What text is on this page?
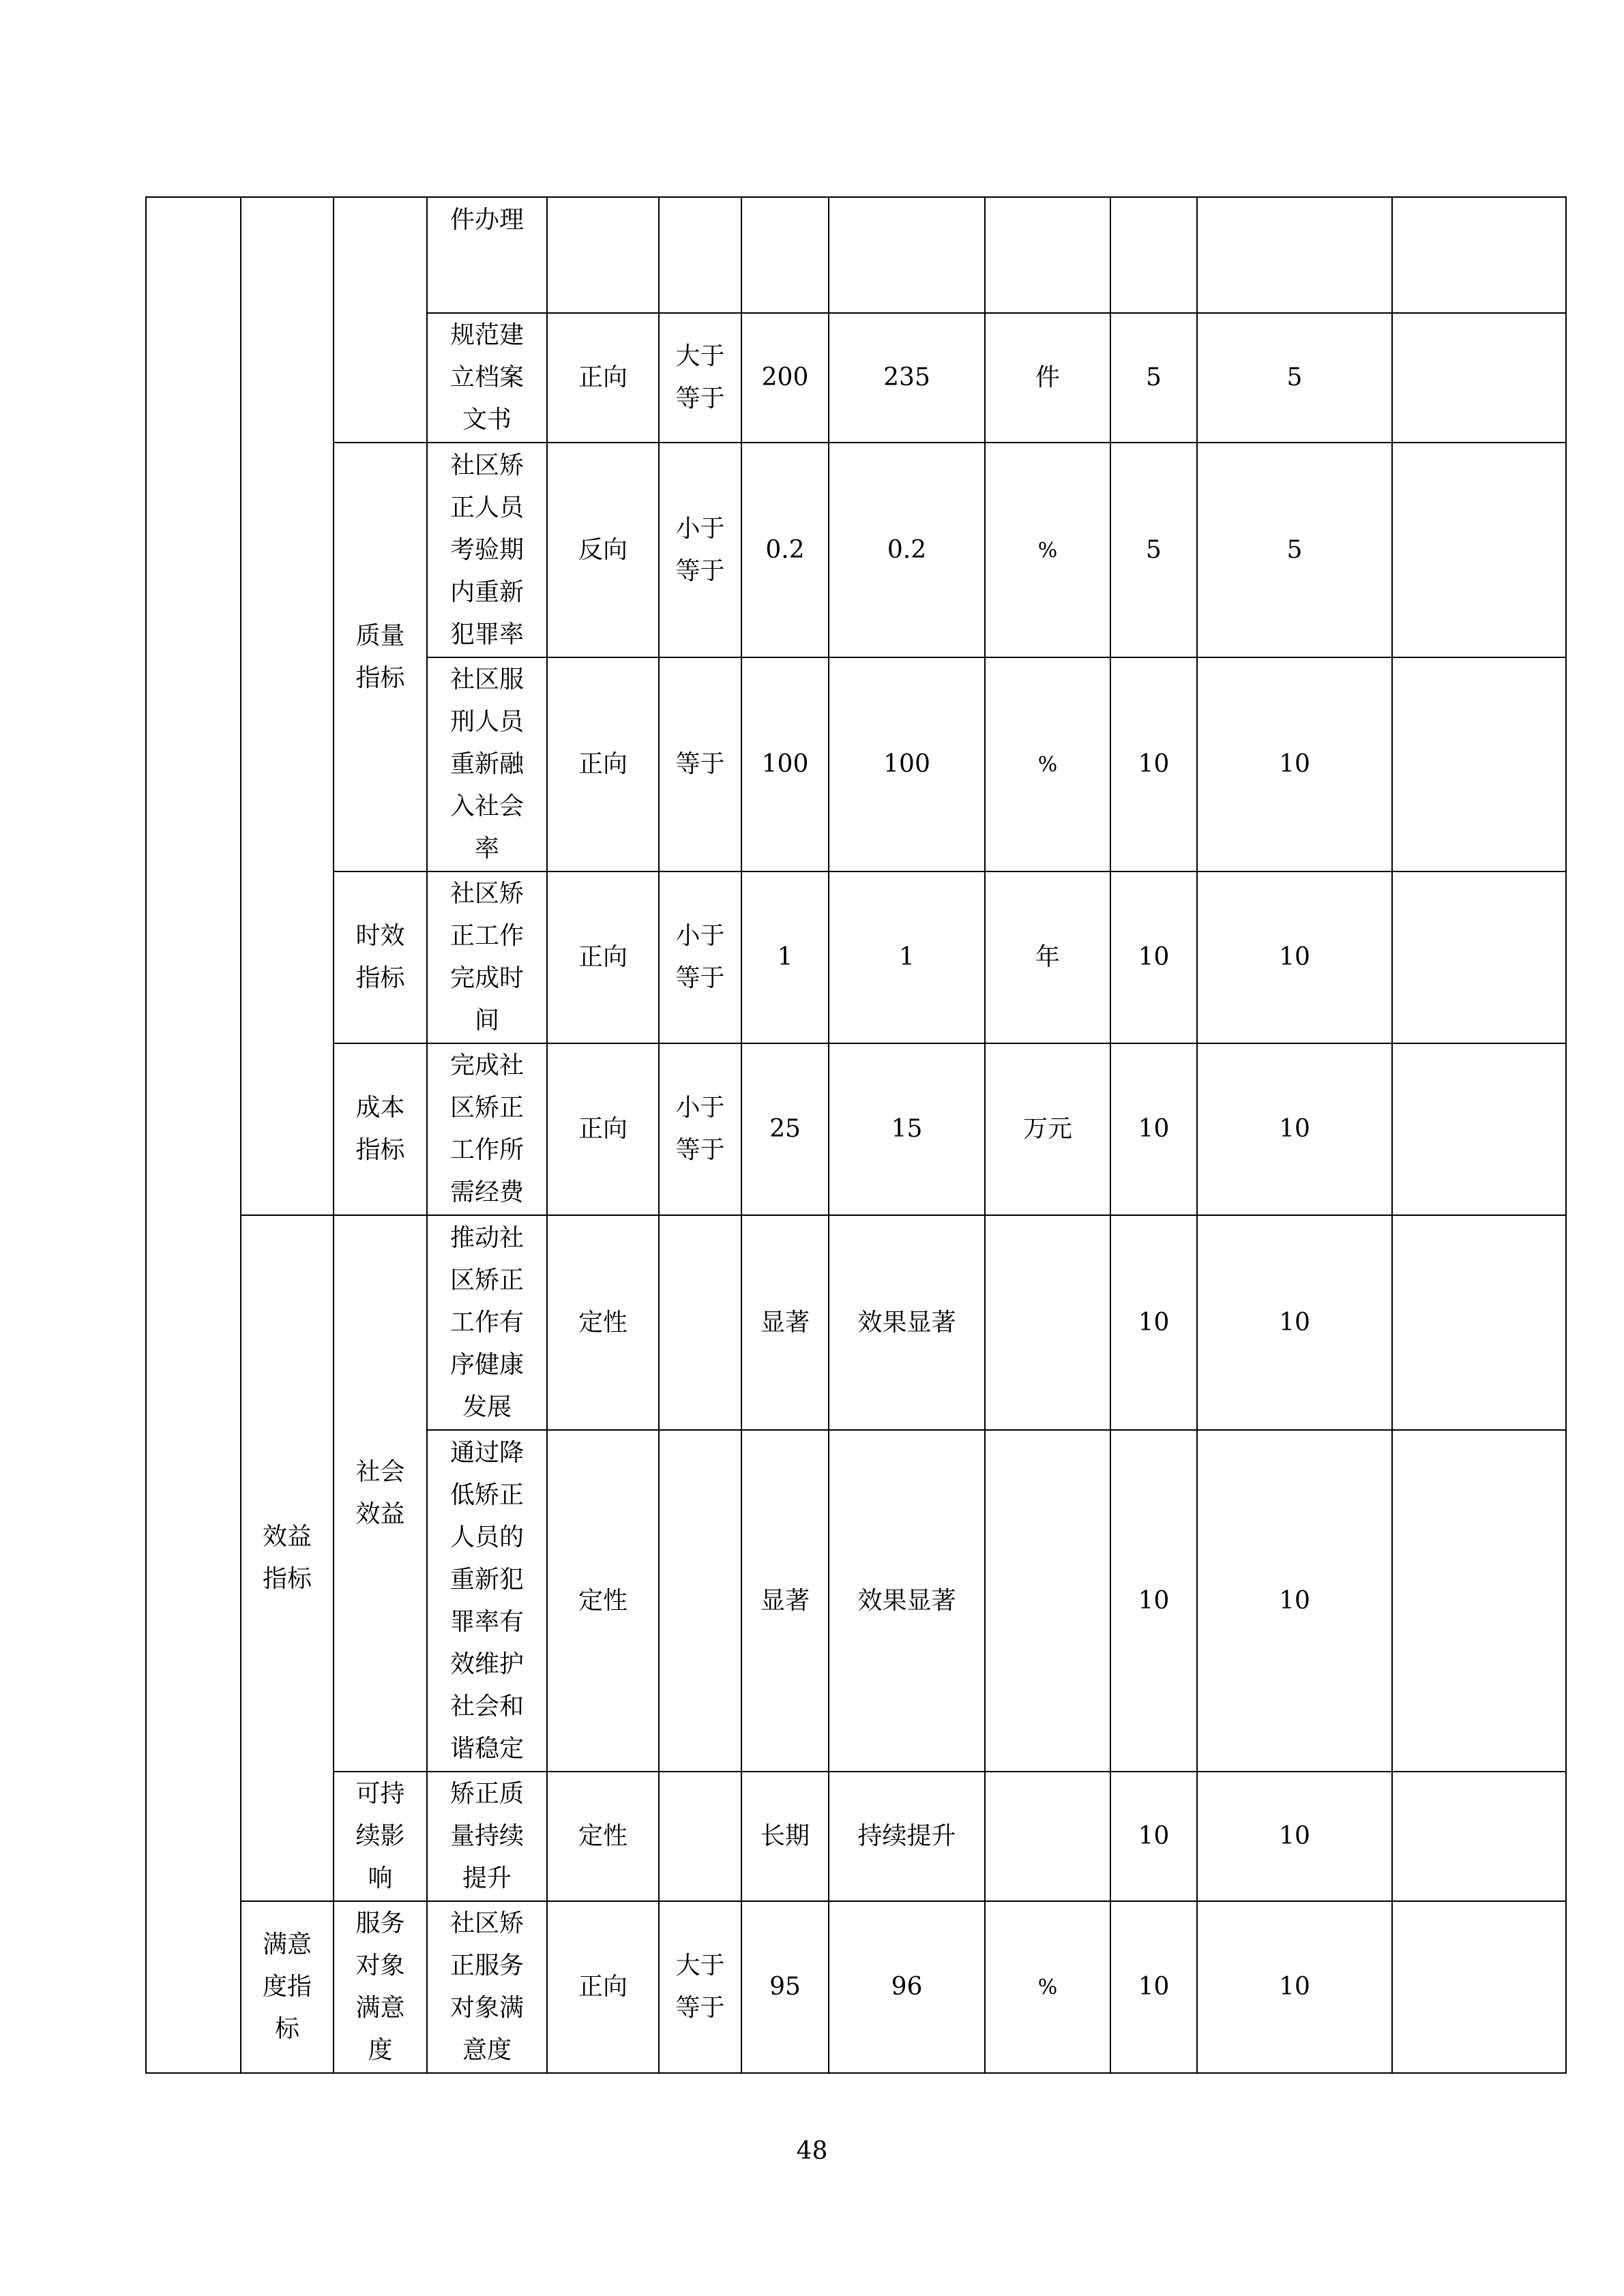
			件办理								
			规范建立档案文书	正向	大于等于	200	235	件	5	5	
		质量指标	社区矫正人员考验期内重新犯罪率	反向	小于等于	0.2	0.2	%	5	5	
			社区服刑人员重新融入社会率	正向	等于	100	100	%	10	10	
		时效指标	社区矫正工作完成时间	正向	小于等于	1	1	年	10	10	
		成本指标	完成社区矫正工作所需经费	正向	小于等于	25	15	万元	10	10	
	效益指标	社会效益	推动社区矫正工作有序健康发展	定性		显著	效果显著		10	10	
			通过降低矫正人员的重新犯罪率有效维护社会和谐稳定	定性		显著	效果显著		10	10	
		可持续影响	矫正质量持续提升	定性		长期	持续提升		10	10	
	满意度指标	服务对象满意度	社区矫正服务对象满意度	正向	大于等于	95	96	%	10	10	
48
